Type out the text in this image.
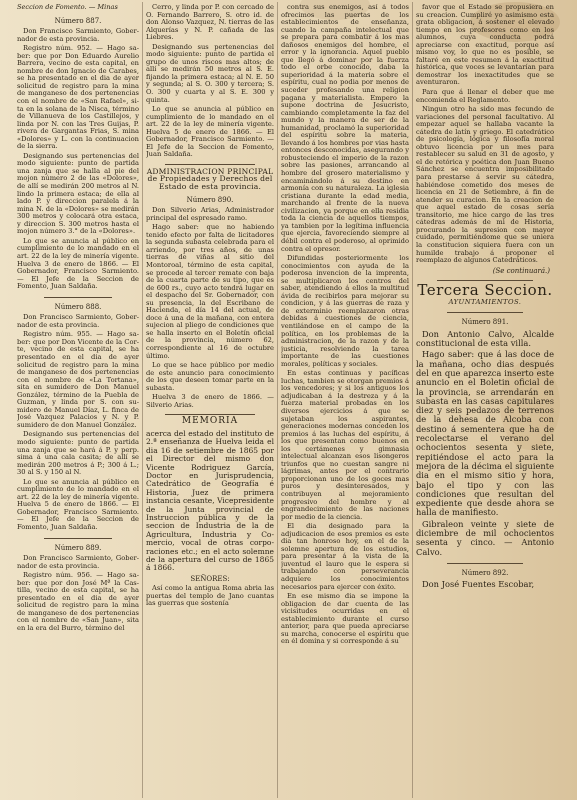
Seccion de Fomento. — Minas
Número 887.

Don Francisco Sarmiento, Gobernador de esta provincia.

Registro núm. 952. — Hago saber: que por Don Eduardo Aurelio Barrera, vecino de esta capital, en nombre de don Ignacio de Carabes, se ha presentado en el dia de ayer solicitud de registro para la mina de manganeso de dos pertenencias con el nombre de «San Rafael», sita en la solana de la Nisca, término de Villanueva de los Castillejos, y linda por N. con las Tres Guijas, P. rivera de Gargantas Frias, S. mina «Dolores» y L. con la continuacion de la sierra.

Designando sus pertenencias del modo siguiente: punto de partida una zanja que se halla al pie del mojon número 2 de las «Dolores», de allí se medirán 200 metros al N. lindo la primera estaca; de ella al lado P. y direccion paralela á la mina N. de la «Dolores» se medirán 300 metros y colocará otra estaca, y direccion S. 300 metros hasta el mojon número 3.° de la «Dolores».

Lo que se anuncia al público en cumplimiento de lo mandado en el art. 22 de la ley de minería vigente. Huelva 3 de enero de 1866. — El Gobernador, Francisco Sarmiento. — El Jefe de la Seccion de Fomento, Juan Saldaña.

Número 888.

Don Francisco Sarmiento, Gobernador de esta provincia.

Registro núm. 955. — Hago saber: que por Don Vicente de la Corte, vecino de esta capital, se ha presentado en el dia de ayer solicitud de registro para la mina de manganeso de dos pertenencias con el nombre de «La Tortana», sita en sumidero de Don Manuel González, término de la Puebla de Guzman, y linda por S. con sumidero de Manuel Díaz, L. finca de José Vazquez Palacios y N. y P. sumidero de don Manuel González.

Designando sus pertenencias del modo siguiente: punto de partida una zanja que se hará á P. y perp. sima á una cala casita; de allí se medirán 200 metros á P.; 300 á L.; 30 al S. y 150 al N.

Lo que se anuncia al público en cumplimiento de lo mandado en el art. 22 de la ley de minería vigente. Huelva 5 de enero de 1866. — El Gobernador, Francisco Sarmiento. — El Jefe de la Seccion de Fomento, Juan Saldaña.

Número 889.

Don Francisco Sarmiento, Gobernador de esta provincia.

Registro núm. 956. — Hago saber: que por don José Mª la Castilla, vecino de esta capital, se ha presentado en el dia de ayer solicitud de registro para la mina de manganeso de dos pertenencias con el nombre de «San Juan», sita en la era del Burro, término del

Cerro, y linda por P. con cercado de O. Fernando Barrero, S. otro id. de don Alonso Vazquez, N. tierras de las Alquerías y N. P. cañada de las Liebres.

Designando sus pertenencias del modo siguiente: punto de partida el grupo de unos riscos mas altos; de allí se medirán 50 metros al S. E. fijando la primera estaca; al N. E. 50 y segunda; al S. O. 300 y tercera; S. O. 300 y cuarta y al S. E. 300 y quinta.

Lo que se anuncia al público en cumplimiento de lo mandado en el art. 22 de la ley de minería vigente. Huelva 5 de enero de 1866. — El Gobernador, Francisco Sarmiento. — El Jefe de la Seccion de Fomento, Juan Saldaña.

ADMINISTRACION PRINCIPAL de Propiedades y Derechos del Estado de esta provincia.
Número 890.

Don Silverio Arias, Administrador principal del espresado ramo.

Hago saber: que no habiendo tenido efecto por falta de licitadores la segunda subasta celebrada para el arriendo, por tres años, de unas tierras de viñas al sitio del Montoroal, término de esta capital, se procede al tercer remate con baja de la cuarta parte de su tipo, que es de 600 rs., cuyo acto tendrá lugar en el despacho del Sr. Gobernador, con su presencia, la del Escribano de Hacienda, el día 14 del actual, de doce á una de la mañana, con entera sujecion al pliego de condiciones que se halla inserto en el Boletín oficial de la provincia, número 62, correspondiente al 16 de octubre último.

Lo que se hace público por medio de este anuncio para conocimiento de los que deseen tomar parte en la subasta.

Huelva 3 de enero de 1866. — Silverio Arias.

MEMORIA
acerca del estado del instituto de 2.ª enseñanza de Huelva leida el dia 16 de setiembre de 1865 por el Director del mismo don Vicente Rodriguez García, Doctor en Jurisprudencia, Catedrático de Geografía é Historia, Juez de primera instancia cesante, Vicepresidente de la Junta provincial de Instruccion pública y de la seccion de Industria de la de Agricultura, Industria y Comercio, vocal de otras corporaciones etc.; en el acto solemne de la apertura del curso de 1865 á 1866.
SEÑORES:

Así como la antigua Roma abria las puertas del templo de Jano cuantas las guerras que sostenía

contra sus enemigos, así á todos ofrecimos las puertas de los establecimientos de enseñanza, cuando la campaña intelectual que se prepara para combatir á los mas dañosos enemigos del hombre, el error y la ignorancia. Aquel pueblo que llegó á dominar por la fuerza todo el orbe conocido, daba la superioridad á la materia sobre el espíritu, cual no podia por menos de suceder profesando una religion pagana y materialista. Empero la supone doctrina de Jesucristo, cambiando completamente la faz del mundo y la manera de ser de la humanidad, proclamó la superioridad del espíritu sobre la materia, llevando á los hombres por vias hasta entonces desconocidas, asegurando y robusteciendo el imperio de la razon sobre las pasiones, arrancando al hombre del grosero materialismo y encaminándolo á su destino en armonía con su naturaleza. La iglesia cristiana durante la edad media, marchando al frente de la nueva civilizacion, ya porque en ella residia toda la ciencia de aquellos tiempos, ya tambien por la legítima influencia que ejercia, favoreciendo siempre al débil contra el poderoso, al oprimido contra el opresor.

Difundidas posteriormente los conocimientos con ayuda de la poderosa invencion de la imprenta, se multiplicaron los centros del saber, atendiendo á ellos la multitud ávida de recibirlos para mejorar su condicion, y á las guerras de raza y de exterminio reemplazaron otras debidas á cuestiones de ciencia, ventilándose en el campo de la política, en los problemas de la administracion, de la razon y de la justicia, resolviendo la tarea importante de las cuestiones morales, políticas y sociales.

En estas continuas y pacíficas luchas, tambien se otorgan premios á los vencedores; y si los antiguos los adjudicaban á la destreza y á la fuerza material probadas en los diversos ejercicios á que se sujetaban los aspirantes, generaciones modernas conceden los premios á las luchas del espíritu, á los que presentan como buenos en los certámenes y gimnasia intelectual alcanzan esos lisongeros triunfos que no cuestan sangre ni lágrimas, antes por el contrario proporcionan uno de los goces mas puros y desinteresados, y contribuyen al mejoramiento progresivo del hombre y al engrandecimiento de las naciones por medio de la ciencia.

El dia designado para la adjudicacion de esos premios es este dia tan honroso hoy, en el de la solemne apertura de los estudios, para presentar á la vista de la juventud el lauro que le espera si trabajando con perseverancia adquiere los conocimientos necesarios para ejercer con éxito.

En ese mismo dia se impone la obligacion de dar cuenta de las vicisitudes ocurridas en el establecimiento durante el curso anterior, para que pueda apreciarse su marcha, conocerse el espíritu que en él domina y si corresponde á su

favor que el Estado se propusiera en su creacion. Cumpliré yo asimismo esta grata obligacion, á sostener el elevado tiempo en los profesores como en los alumnos, cuya conducta podrá apreciarse con exactitud, porque así mismo voy, lo que no es posible, se faltaré en este resumen á la exactitud histórica, que voces se levantarían para demostrar los inexactitudes que se aventuraron.

Para que á llenar el deber que me encomienda el Reglamento.

Ningun otro ha sido mas fecundo de variaciones del personal facultativo. Al empezar aquel se hallaba vacante la cátedra de latín y griego. El catedrático de psicología, lógica y filosofía moral obtuvo licencia por un mes para restablecer su salud en 31 de agosto, y el de retórica y poética don Juan Bueno Sánchez se encuentra imposibilitado para prestarse á servir su cátedra, habiéndose cometido dos meses de licencia en 21 de Setiembre, á fin de atender su curacion. En la creacion de que aquel estado de cosas sería transitorio, me hice cargo de las tres cátedras además de mi de Historia, procurando la supresion con mayor cuidado, permitiéndome que se uniera la constitucion siquiera fuera con un humilde trabajo á proponer el reemplazo de algunos Catedráticos.

(Se continuará.)
Tercera Seccion.
AYUNTAMIENTOS.
Número 891.

Don Antonio Calvo, Alcalde constitucional de esta villa.

Hago saber: que á las doce de la mañana, ocho dias después del en que aparezca inserto este anuncio en el Boletin oficial de la provincia, se arrendarán en subasta en las casas capitulares diez y seis pedazos de terrenos de la dehesa de Alcoba con destino á sementera que ha de recolectarse el verano del ochocientos sesenta y siete, repitiéndose el acto para la mejora de la décima el siguiente dia en el mismo sitio y hora, bajo el tipo y con las condiciones que resultan del expediente que desde ahora se halla de manifiesto.

Gibraleon veinte y siete de diciembre de mil ochocientos sesenta y cinco. — Antonio Calvo.

Número 892.

Don José Fuentes Escobar,
